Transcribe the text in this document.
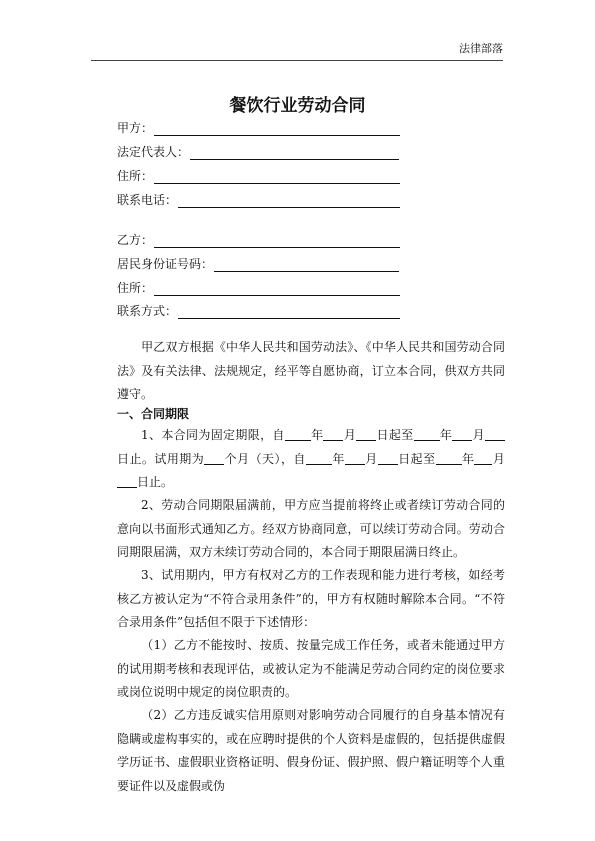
法律部落
餐饮行业劳动合同
甲方：
法定代表人：
住所：
联系电话：
乙方：
居民身份证号码：
住所：
联系方式：
甲乙双方根据《中华人民共和国劳动法》、《中华人民共和国劳动合同法》及有关法律、法规规定，经平等自愿协商，订立本合同，供双方共同遵守。
一、合同期限
1、本合同为固定期限，自 年 月 日起至 年 月日止。试用期为 个月（天），自 年 月 日起至 年 月日止。
2、劳动合同期限届满前，甲方应当提前将终止或者续订劳动合同的意向以书面形式通知乙方。经双方协商同意，可以续订劳动合同。劳动合同期限届满，双方未续订劳动合同的，本合同于期限届满日终止。
3、试用期内，甲方有权对乙方的工作表现和能力进行考核，如经考核乙方被认定为“不符合录用条件”的，甲方有权随时解除本合同。“不符合录用条件”包括但不限于下述情形：
（1）乙方不能按时、按质、按量完成工作任务，或者未能通过甲方的试用期考核和表现评估，或被认定为不能满足劳动合同约定的岗位要求或岗位说明中规定的岗位职责的。
（2）乙方违反诚实信用原则对影响劳动合同履行的自身基本情况有隐瞒或虚构事实的，或在应聘时提供的个人资料是虚假的，包括提供虚假学历证书、虚假职业资格证明、假身份证、假护照、假户籍证明等个人重要证件以及虚假或伪
